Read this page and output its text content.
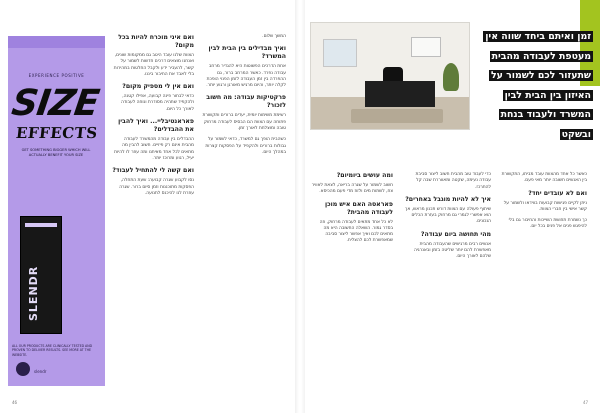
EXPERIENCE POSITIVE
SIZE
EFFECTS
GET SOMETHING BIGGER WHICH WILL ACTUALLY BENEFIT YOUR SIZE
SLENDR
ALL OUR PRODUCTS ARE CLINICALLY TESTED AND PROVEN TO DELIVER RESULTS. SEE MORE AT THE WEBSITE.
slendr
ואם איני מוכרח להיות בכל מקום?

הצוות שלנו עובד היטב גם ממקומות שונים, ואנחנו מוצאים דרכים חדשות לשמור על קשר, להעביר ידע ולקבל החלטות במהירות בלי לאבד את החיבור ביננו.

ואם אין לי מספיק מקום?

כדאי לבחור פינה קבועה, אפילו קטנה, ולהקפיד שתהיה מסודרת ונוחה לעבודה לאורך כל היום.

פאראנטיבליי... ואיך להבין את ההבדלים?

ההבדלים בין עבודה מהמשרד לעבודה מהבית אינם רק פיזיים. חשוב להבין מה מתאים לכל אחד מאיתנו ומה עוזר לו להיות יעיל, רגוע ומרוכז יותר.

ואם קשה לי להתחיל לעבוד?

נסו לקבוע שגרה קבועה: שעת התחלה, הפסקות מתוכננות וזמן סיום ברור. שגרה עוזרת לנו להיכנס לתנועה.

המשך שלום.

ואיך מבדילים בין הבית לבין המשרד?

אחת הדרכים הפשוטות היא להגדיר מרחב עבודה נפרד. כאשר המרחב ברור, גם ההפרדה בין זמן העבודה לזמן הפנוי הופכת לקלה יותר, והיום מרגיש מאורגן ורגוע יותר.

פרקטיקות עבודה: מה חשוב לזכור?

רשימת משימות יומית, יעדים ברורים ותקשורת פתוחה עם הצוות הם הבסיס לעבודה מרחוק טובה ומוצלחת לאורך זמן.

כשהבית הופך גם למשרד, כדאי לשמור על גבולות ברורים ולהקפיד על הפסקות קצרות במהלך היום.

46
זמן ואיתם ביחד שווה אין מעטפת לעבודה מהבית שתעזור לכם לשמור על האיזון בין הבית לבין המשרד ולעבוד בנחת ובשקט
ומה עושים ביומיום?

חשוב לשמור על שגרה בריאה, לצאת לאוויר צח, לשתות מים ולזוז מדי פעם מהכיסא.

פאראסה האם איש מוכן לעבודה מהבית?

לא כל אחד מתאים לעבודה מרחוק, וזה בסדר גמור. השאלה החשובה היא מה מתאים לכם ואיך אפשר ליצור סביבה שמאפשרת לכם להצליח.

כדי לעבוד טוב מהבית חשוב ליצור סביבת עבודה נעימה, שקטה ומאווררת שבה קל להתרכז.

איך לא להיות מוגבל באחרים?

שיתוף פעולה עם הצוות דורש תכנון מראש, אך הוא אפשרי לגמרי גם מרחוק בעזרת הכלים הנכונים.

מהי תחושה ביום עבודה?

אנשים רבים מרגישים שהעבודה מהבית מאפשרת להם יותר שליטה בזמן ובאנרגיה שלהם לאורך היום.

כאשר כל אחד מהצוות עובד מביתו, התקשורת בין האנשים חשובה יותר מאי פעם.

ואם לא עובדים יחד?

ניתן לקיים פגישות קבועות בווידאו ולשמור על קשר אישי בין חברי הצוות.

כך נשמרת תחושת השייכות והחיבור גם בלי להיפגש פנים אל פנים בכל יום.

47
